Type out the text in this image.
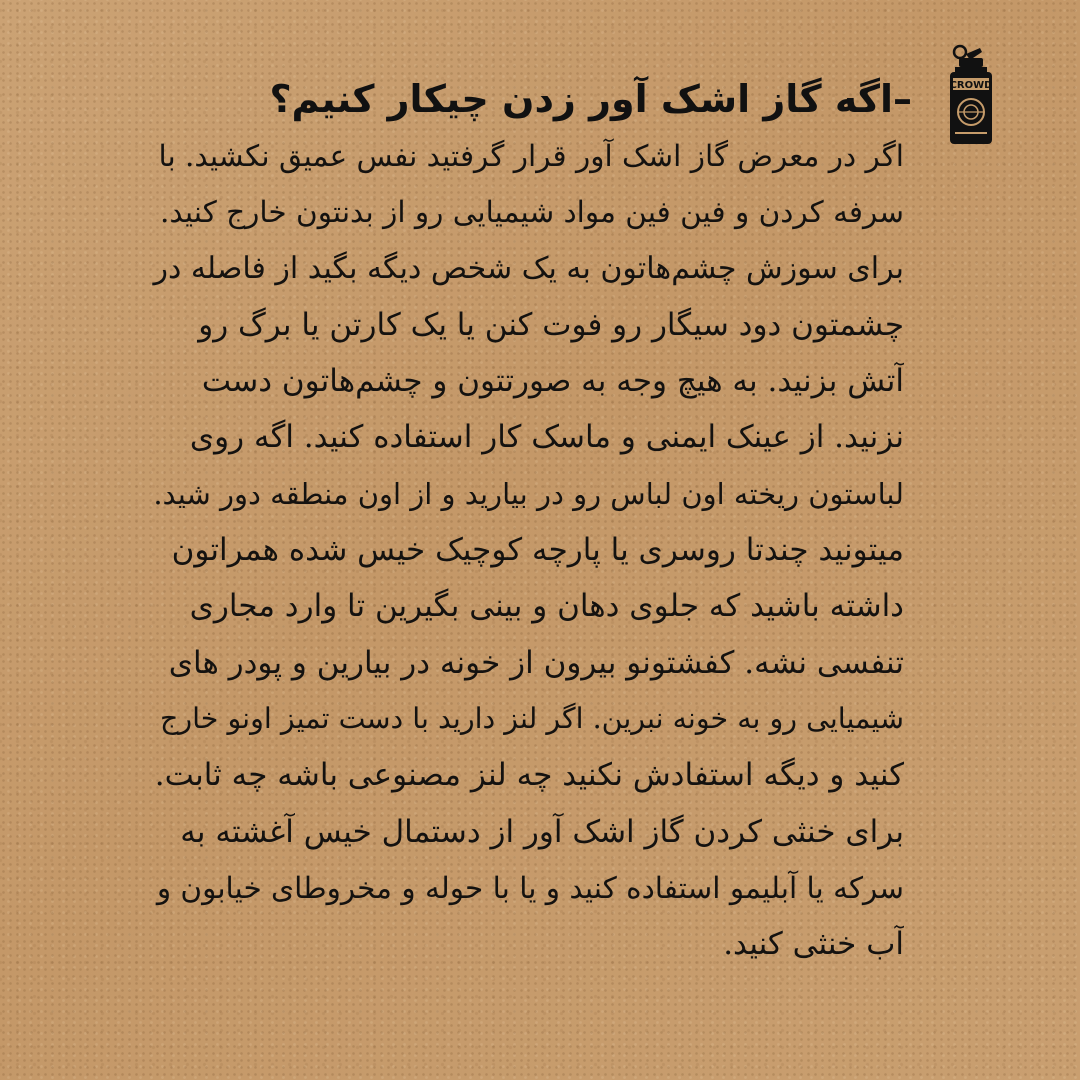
CROWD
–اگه گاز اشک آور زدن چیکار کنیم؟
اگر در معرض گاز اشک آور قرار گرفتید نفس عمیق نکشید. با
سرفه کردن و فین فین مواد شیمیایی رو از بدنتون خارج کنید.
برای سوزش چشم‌هاتون به یک شخص دیگه بگید از فاصله در
چشمتون دود سیگار رو فوت کنن یا یک کارتن یا برگ رو
آتش بزنید. به هیچ وجه به صورتتون و چشم‌هاتون دست
نزنید. از عینک ایمنی و ماسک کار استفاده کنید. اگه روی
لباستون ریخته اون لباس رو در بیارید و از اون منطقه دور شید.
میتونید چندتا روسری یا پارچه کوچیک خیس شده همراتون
داشته باشید که جلوی دهان و بینی بگیرین تا وارد مجاری
تنفسی نشه. کفشتونو بیرون از خونه در بیارین و پودر های
شیمیایی رو به خونه نبرین. اگر لنز دارید با دست تمیز اونو خارج
کنید و دیگه استفادش نکنید چه لنز مصنوعی باشه چه ثابت.
برای خنثی کردن گاز اشک آور از دستمال خیس آغشته به
سرکه یا آبلیمو استفاده کنید و یا با حوله و مخروطای خیابون و
آب خنثی کنید.
